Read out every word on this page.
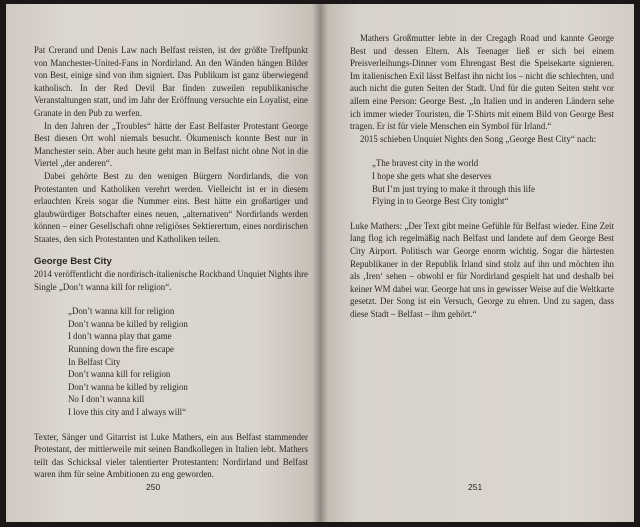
Pat Crerand und Denis Law nach Belfast reisten, ist der größte Treffpunkt von Manchester-United-Fans in Nordirland. An den Wänden hängen Bilder von Best, einige sind von ihm signiert. Das Publikum ist ganz überwiegend katholisch. In der Red Devil Bar finden zuweilen republikanische Veranstaltungen statt, und im Jahr der Eröffnung versuchte ein Loyalist, eine Granate in den Pub zu werfen.

In den Jahren der „Troubles“ hätte der East Belfaster Protestant George Best diesen Ort wohl niemals besucht. Ökumenisch konnte Best nur in Manchester sein. Aber auch heute geht man in Belfast nicht ohne Not in die Viertel „der anderen“.

Dabei gehörte Best zu den wenigen Bürgern Nordirlands, die von Protestanten und Katholiken verehrt werden. Vielleicht ist er in diesem erlauchten Kreis sogar die Nummer eins. Best hätte ein großartiger und glaubwürdiger Botschafter eines neuen, „alternativen“ Nordirlands werden können – einer Gesellschaft ohne religiöses Sektierertum, eines nordirischen Staates, den sich Protestanten und Katholiken teilen.

George Best City

2014 veröffentlicht die nordirisch-italienische Rockband Unquiet Nights ihre Single „Don’t wanna kill for religion“.

„Don’t wanna kill for religion
Don’t wanna be killed by religion
I don’t wanna play that game
Running down the fire escape
In Belfast City
Don’t wanna kill for religion
Don’t wanna be killed by religion
No I don’t wanna kill
I love this city and I always will“

Texter, Sänger und Gitarrist ist Luke Mathers, ein aus Belfast stammender Protestant, der mittlerweile mit seinen Bandkollegen in Italien lebt. Mathers teilt das Schicksal vieler talentierter Protestanten: Nordirland und Belfast waren ihm für seine Ambitionen zu eng geworden.

250

Mathers Großmutter lebte in der Cregagh Road und kannte George Best und dessen Eltern. Als Teenager ließ er sich bei einem Preisverleihungs-Dinner vom Ehrengast Best die Speisekarte signieren. Im italienischen Exil lässt Belfast ihn nicht los – nicht die schlechten, und auch nicht die guten Seiten der Stadt. Und für die guten Seiten steht vor allem eine Person: George Best. „In Italien und in anderen Ländern sehe ich immer wieder Touristen, die T-Shirts mit einem Bild von George Best tragen. Er ist für viele Menschen ein Symbol für Irland.“

2015 schieben Unquiet Nights den Song „George Best City“ nach:

„The bravest city in the world
I hope she gets what she deserves
But I’m just trying to make it through this life
Flying in to George Best City tonight“

Luke Mathers: „Der Text gibt meine Gefühle für Belfast wieder. Eine Zeit lang flog ich regelmäßig nach Belfast und landete auf dem George Best City Airport. Politisch war George enorm wichtig. Sogar die härtesten Republikaner in der Republik Irland sind stolz auf ihn und möchten ihn als ‚Iren‘ sehen – obwohl er für Nordirland gespielt hat und deshalb bei keiner WM dabei war. George hat uns in gewisser Weise auf die Weltkarte gesetzt. Der Song ist ein Versuch, George zu ehren. Und zu sagen, dass diese Stadt – Belfast – ihm gehört.“

251
